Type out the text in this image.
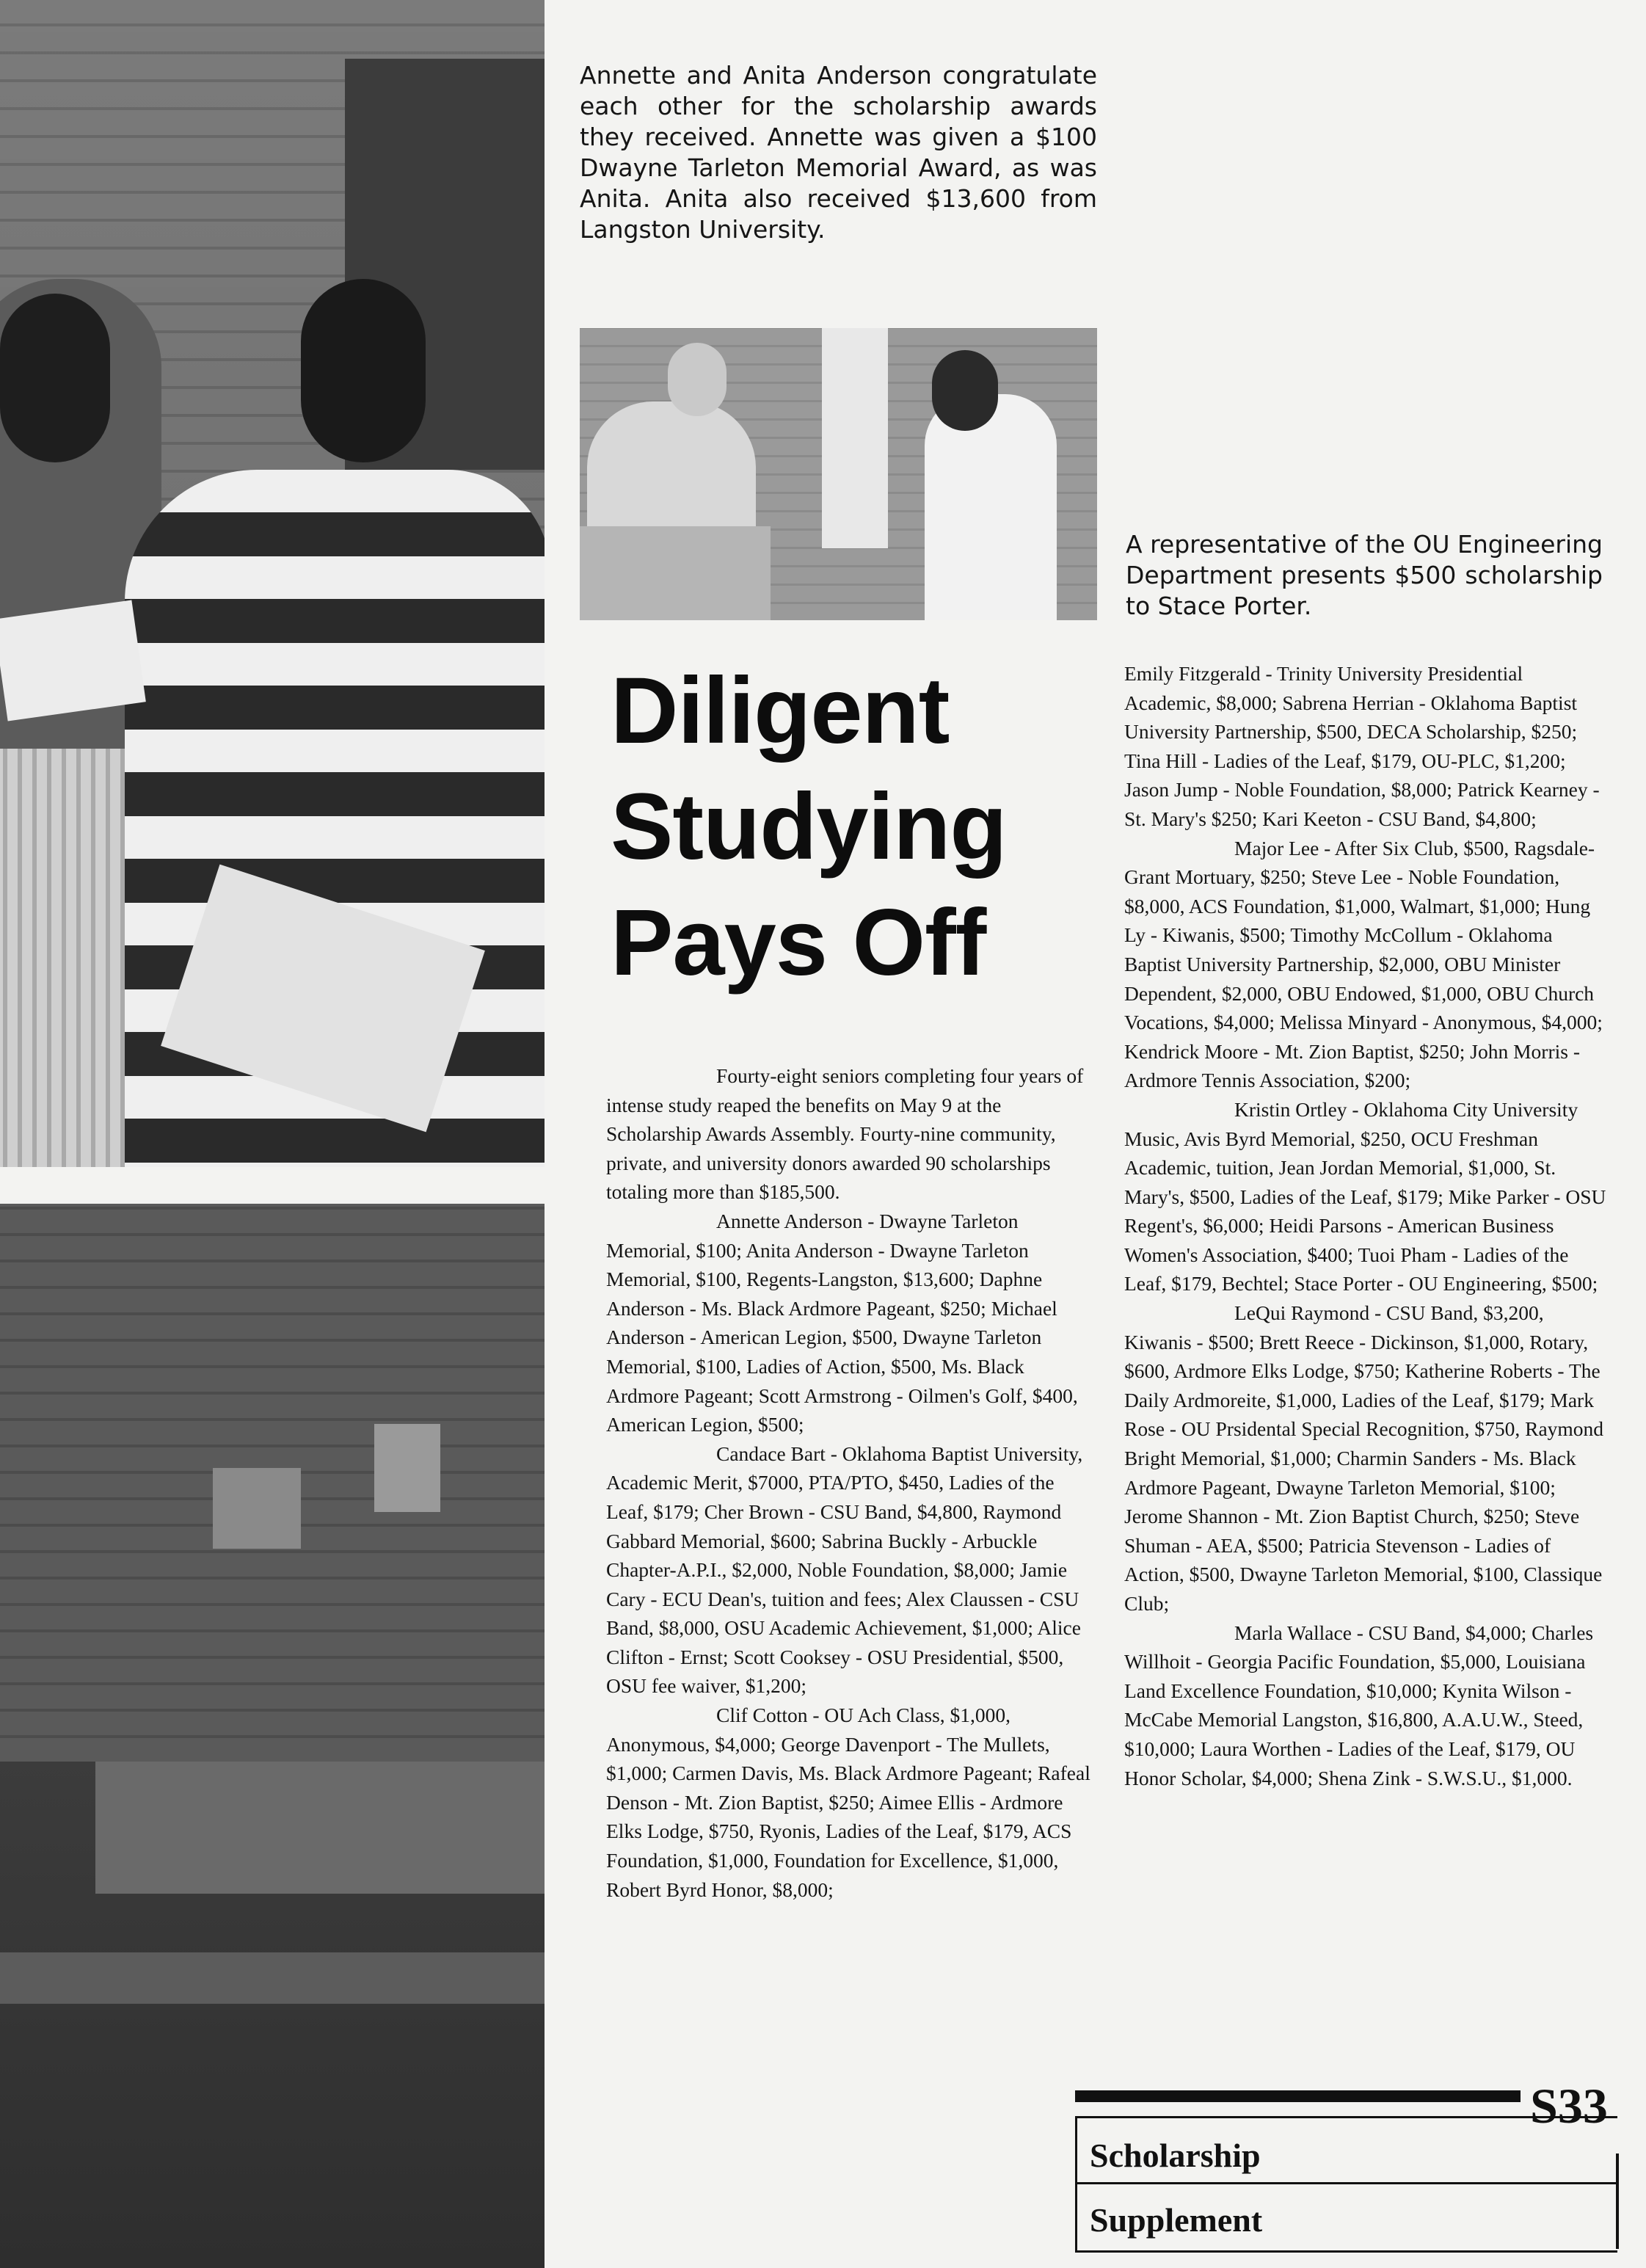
Annette and Anita Anderson congratulate each other for the scholarship awards they received. Annette was given a $100 Dwayne Tarleton Memorial Award, as was Anita. Anita also received $13,600 from Langston University.

A representative of the OU Engineering Department presents $500 scholarship to Stace Porter.

Diligent
Studying
Pays Off

Fourty-eight seniors completing four years of intense study reaped the benefits on May 9 at the Scholarship Awards Assembly. Fourty-nine community, private, and university donors awarded 90 scholarships totaling more than $185,500.

Annette Anderson - Dwayne Tarleton Memorial, $100; Anita Anderson - Dwayne Tarleton Memorial, $100, Regents-Langston, $13,600; Daphne Anderson - Ms. Black Ardmore Pageant, $250; Michael Anderson - American Legion, $500, Dwayne Tarleton Memorial, $100, Ladies of Action, $500, Ms. Black Ardmore Pageant; Scott Armstrong - Oilmen's Golf, $400, American Legion, $500;

Candace Bart - Oklahoma Baptist University, Academic Merit, $7000, PTA/PTO, $450, Ladies of the Leaf, $179; Cher Brown - CSU Band, $4,800, Raymond Gabbard Memorial, $600; Sabrina Buckly - Arbuckle Chapter-A.P.I., $2,000, Noble Foundation, $8,000; Jamie Cary - ECU Dean's, tuition and fees; Alex Claussen - CSU Band, $8,000, OSU Academic Achievement, $1,000; Alice Clifton - Ernst; Scott Cooksey - OSU Presidential, $500, OSU fee waiver, $1,200;

Clif Cotton - OU Ach Class, $1,000, Anonymous, $4,000; George Davenport - The Mullets, $1,000; Carmen Davis, Ms. Black Ardmore Pageant; Rafeal Denson - Mt. Zion Baptist, $250; Aimee Ellis - Ardmore Elks Lodge, $750, Ryonis, Ladies of the Leaf, $179, ACS Foundation, $1,000, Foundation for Excellence, $1,000, Robert Byrd Honor, $8,000;

Emily Fitzgerald - Trinity University Presidential Academic, $8,000; Sabrena Herrian - Oklahoma Baptist University Partnership, $500, DECA Scholarship, $250; Tina Hill - Ladies of the Leaf, $179, OU-PLC, $1,200; Jason Jump - Noble Foundation, $8,000; Patrick Kearney - St. Mary's $250; Kari Keeton - CSU Band, $4,800;

Major Lee - After Six Club, $500, Ragsdale-Grant Mortuary, $250; Steve Lee - Noble Foundation, $8,000, ACS Foundation, $1,000, Walmart, $1,000; Hung Ly - Kiwanis, $500; Timothy McCollum - Oklahoma Baptist University Partnership, $2,000, OBU Minister Dependent, $2,000, OBU Endowed, $1,000, OBU Church Vocations, $4,000; Melissa Minyard - Anonymous, $4,000; Kendrick Moore - Mt. Zion Baptist, $250; John Morris - Ardmore Tennis Association, $200;

Kristin Ortley - Oklahoma City University Music, Avis Byrd Memorial, $250, OCU Freshman Academic, tuition, Jean Jordan Memorial, $1,000, St. Mary's, $500, Ladies of the Leaf, $179; Mike Parker - OSU Regent's, $6,000; Heidi Parsons - American Business Women's Association, $400; Tuoi Pham - Ladies of the Leaf, $179, Bechtel; Stace Porter - OU Engineering, $500;

LeQui Raymond - CSU Band, $3,200, Kiwanis - $500; Brett Reece - Dickinson, $1,000, Rotary, $600, Ardmore Elks Lodge, $750; Katherine Roberts - The Daily Ardmoreite, $1,000, Ladies of the Leaf, $179; Mark Rose - OU Prsidental Special Recognition, $750, Raymond Bright Memorial, $1,000; Charmin Sanders - Ms. Black Ardmore Pageant, Dwayne Tarleton Memorial, $100; Jerome Shannon - Mt. Zion Baptist Church, $250; Steve Shuman - AEA, $500; Patricia Stevenson - Ladies of Action, $500, Dwayne Tarleton Memorial, $100, Classique Club;

Marla Wallace - CSU Band, $4,000; Charles Willhoit - Georgia Pacific Foundation, $5,000, Louisiana Land Excellence Foundation, $10,000; Kynita Wilson - McCabe Memorial Langston, $16,800, A.A.U.W., Steed, $10,000; Laura Worthen - Ladies of the Leaf, $179, OU Honor Scholar, $4,000; Shena Zink - S.W.S.U., $1,000.

Scholarship
Supplement
S33
